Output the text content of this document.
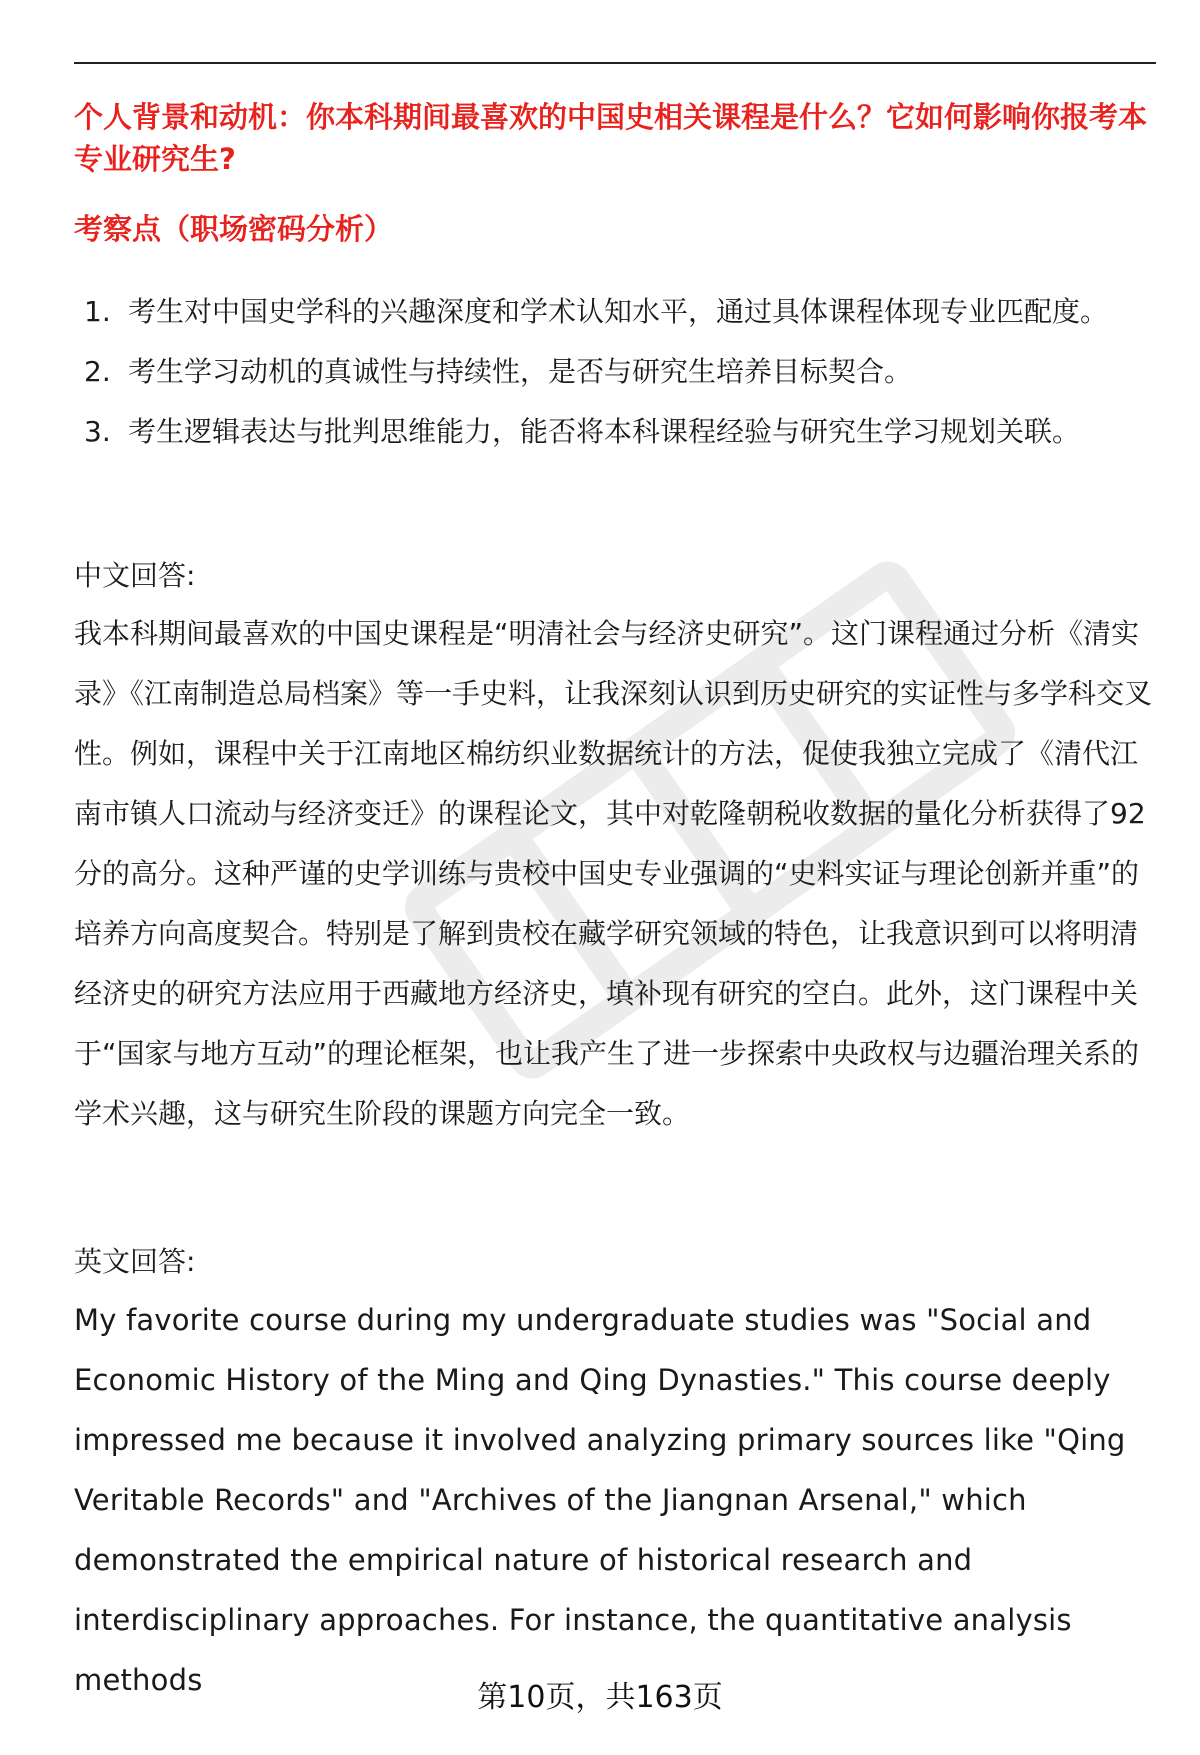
个人背景和动机：你本科期间最喜欢的中国史相关课程是什么？它如何影响你报考本专业研究生?
考察点（职场密码分析）
1. 考生对中国史学科的兴趣深度和学术认知水平，通过具体课程体现专业匹配度。
2. 考生学习动机的真诚性与持续性，是否与研究生培养目标契合。
3. 考生逻辑表达与批判思维能力，能否将本科课程经验与研究生学习规划关联。
中文回答:

我本科期间最喜欢的中国史课程是“明清社会与经济史研究”。这门课程通过分析《清实录》《江南制造总局档案》等一手史料，让我深刻认识到历史研究的实证性与多学科交叉性。例如，课程中关于江南地区棉纺织业数据统计的方法，促使我独立完成了《清代江南市镇人口流动与经济变迁》的课程论文，其中对乾隆朝税收数据的量化分析获得了92分的高分。这种严谨的史学训练与贵校中国史专业强调的“史料实证与理论创新并重”的培养方向高度契合。特别是了解到贵校在藏学研究领域的特色，让我意识到可以将明清经济史的研究方法应用于西藏地方经济史，填补现有研究的空白。此外，这门课程中关于“国家与地方互动”的理论框架，也让我产生了进一步探索中央政权与边疆治理关系的学术兴趣，这与研究生阶段的课题方向完全一致。

英文回答:

My favorite course during my undergraduate studies was "Social and Economic History of the Ming and Qing Dynasties." This course deeply impressed me because it involved analyzing primary sources like "Qing Veritable Records" and "Archives of the Jiangnan Arsenal," which demonstrated the empirical nature of historical research and interdisciplinary approaches. For instance, the quantitative analysis methods	第10页，共163页
